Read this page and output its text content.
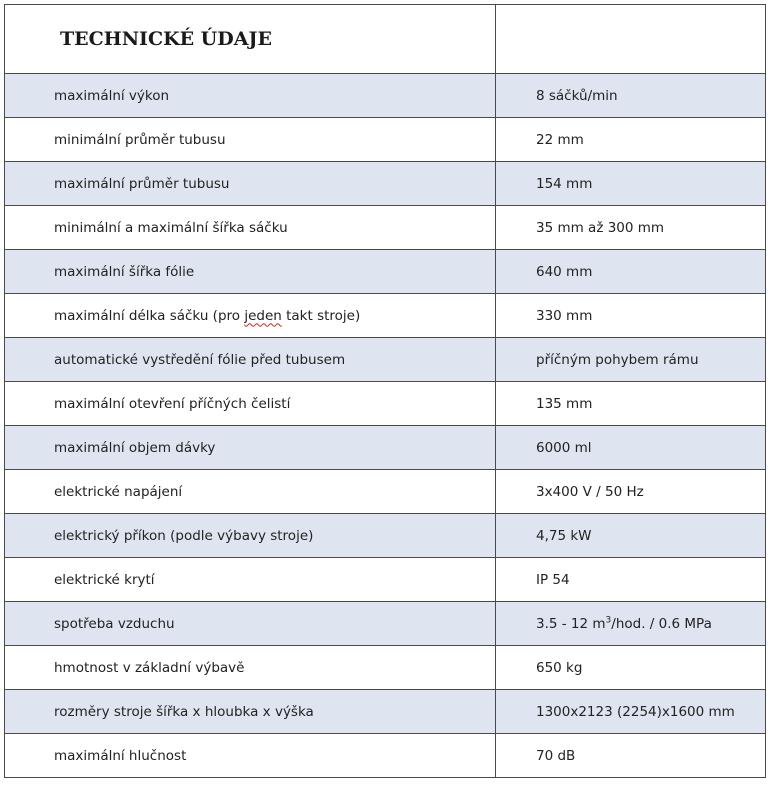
TECHNICKÉ ÚDAJE	
maximální výkon	8 sáčků/min
minimální průměr tubusu	22 mm
maximální průměr tubusu	154 mm
minimální a maximální šířka sáčku	35 mm až 300 mm
maximální šířka fólie	640 mm
maximální délka sáčku (pro jeden takt stroje)	330 mm
automatické vystředění fólie před tubusem	příčným pohybem rámu
maximální otevření příčných čelistí	135 mm
maximální objem dávky	6000 ml
elektrické napájení	3x400 V / 50 Hz
elektrický příkon (podle výbavy stroje)	4,75 kW
elektrické krytí	IP 54
spotřeba vzduchu	3.5 - 12 $m^3$/hod. / 0.6 MPa
hmotnost v základní výbavě	650 kg
rozměry stroje šířka x hloubka x výška	1300x2123 (2254)x1600 mm
maximální hlučnost	70 dB
